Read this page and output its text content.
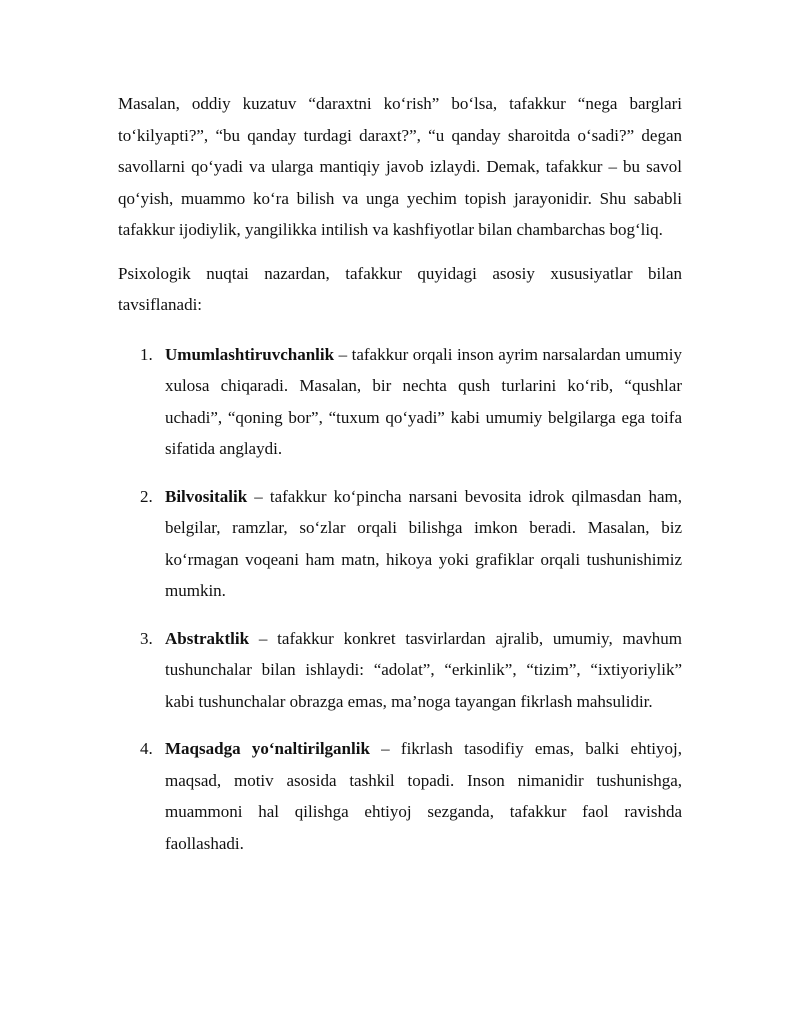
Masalan, oddiy kuzatuv “daraxtni ko‘rish” bo‘lsa, tafakkur “nega barglari to‘kilyapti?”, “bu qanday turdagi daraxt?”, “u qanday sharoitda o‘sadi?” degan savollarni qo‘yadi va ularga mantiqiy javob izlaydi. Demak, tafakkur – bu savol qo‘yish, muammo ko‘ra bilish va unga yechim topish jarayonidir. Shu sababli tafakkur ijodiylik, yangilikka intilish va kashfiyotlar bilan chambarchas bog‘liq.

Psixologik nuqtai nazardan, tafakkur quyidagi asosiy xususiyatlar bilan tavsiflanadi:

1. Umumlashtiruvchanlik – tafakkur orqali inson ayrim narsalardan umumiy xulosa chiqaradi. Masalan, bir nechta qush turlarini ko‘rib, “qushlar uchadi”, “qoning bor”, “tuxum qo‘yadi” kabi umumiy belgilarga ega toifa sifatida anglaydi.
2. Bilvositalik – tafakkur ko‘pincha narsani bevosita idrok qilmasdan ham, belgilar, ramzlar, so‘zlar orqali bilishga imkon beradi. Masalan, biz ko‘rmagan voqeani ham matn, hikoya yoki grafiklar orqali tushunishimiz mumkin.
3. Abstraktlik – tafakkur konkret tasvirlardan ajralib, umumiy, mavhum tushunchalar bilan ishlaydi: “adolat”, “erkinlik”, “tizim”, “ixtiyoriylik” kabi tushunchalar obrazga emas, ma’noga tayangan fikrlash mahsulidir.
4. Maqsadga yo‘naltirilganlik – fikrlash tasodifiy emas, balki ehtiyoj, maqsad, motiv asosida tashkil topadi. Inson nimanidir tushunishga, muammoni hal qilishga ehtiyoj sezganda, tafakkur faol ravishda faollashadi.
